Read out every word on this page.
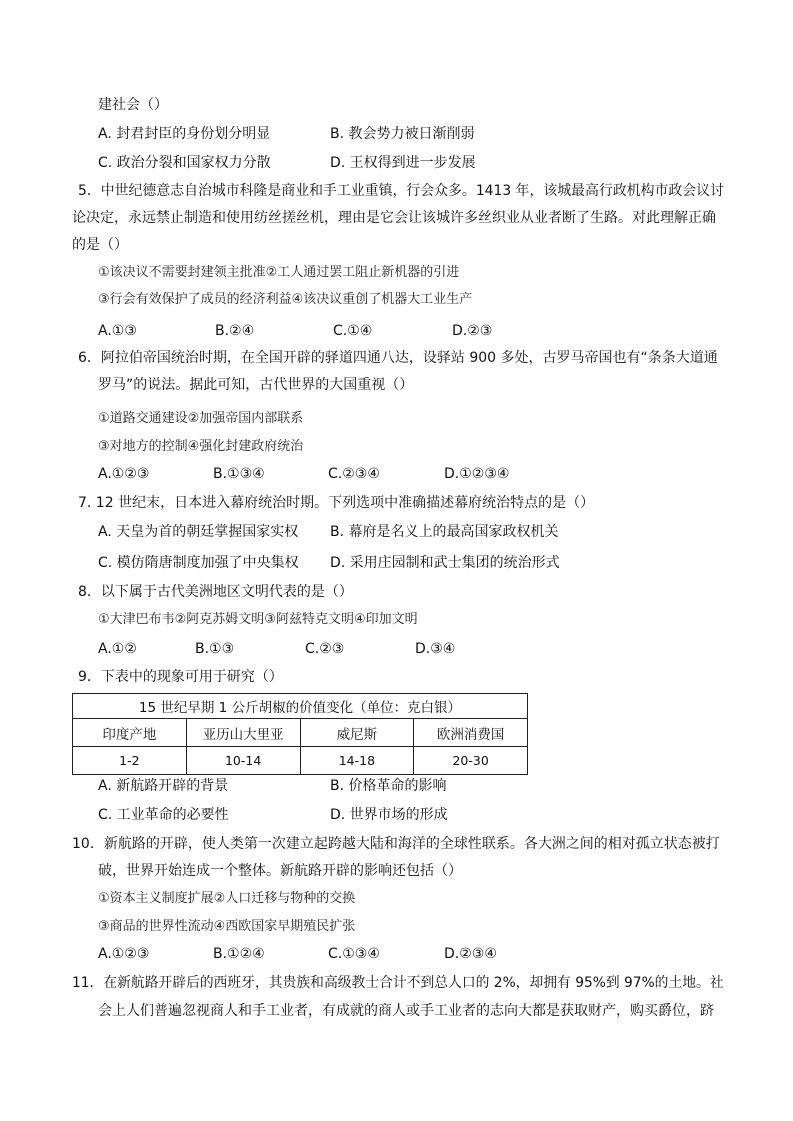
建社会（）
A. 封君封臣的身份划分明显	B. 教会势力被日渐削弱
C. 政治分裂和国家权力分散	D. 王权得到进一步发展
5．中世纪德意志自治城市科隆是商业和手工业重镇，行会众多。1413 年，该城最高行政机构市政会议讨
论决定，永远禁止制造和使用纺丝搓丝机，理由是它会让该城许多丝织业从业者断了生路。对此理解正确
的是（）
①该决议不需要封建领主批准②工人通过罢工阻止新机器的引进
③行会有效保护了成员的经济利益④该决议重创了机器大工业生产
A.①③	B.②④	C.①④	D.②③
6．阿拉伯帝国统治时期，在全国开辟的驿道四通八达，设驿站 900 多处，古罗马帝国也有“条条大道通
罗马”的说法。据此可知，古代世界的大国重视（）
①道路交通建设②加强帝国内部联系
③对地方的控制④强化封建政府统治
A.①②③	B.①③④	C.②③④	D.①②③④
7. 12 世纪末，日本进入幕府统治时期。下列选项中准确描述幕府统治特点的是（）
A. 天皇为首的朝廷掌握国家实权 B. 幕府是名义上的最高国家政权机关
C. 模仿隋唐制度加强了中央集权 D. 采用庄园制和武士集团的统治形式
8．以下属于古代美洲地区文明代表的是（）
①大津巴布韦②阿克苏姆文明③阿兹特克文明④印加文明
A.①②	B.①③	C.②③	D.③④
9．下表中的现象可用于研究（）
15 世纪早期 1 公斤胡椒的价值变化（单位：克白银）			
印度产地	亚历山大里亚	威尼斯	欧洲消费国
1-2	10-14	14-18	20-30
A. 新航路开辟的背景	B. 价格革命的影响
C. 工业革命的必要性	D. 世界市场的形成
10．新航路的开辟，使人类第一次建立起跨越大陆和海洋的全球性联系。各大洲之间的相对孤立状态被打
破，世界开始连成一个整体。新航路开辟的影响还包括（）
①资本主义制度扩展②人口迁移与物种的交换
③商品的世界性流动④西欧国家早期殖民扩张
A.①②③	B.①②④	C.①③④	D.②③④
11．在新航路开辟后的西班牙，其贵族和高级教士合计不到总人口的 2%，却拥有 95%到 97%的土地。社
会上人们普遍忽视商人和手工业者，有成就的商人或手工业者的志向大都是获取财产，购买爵位，跻
